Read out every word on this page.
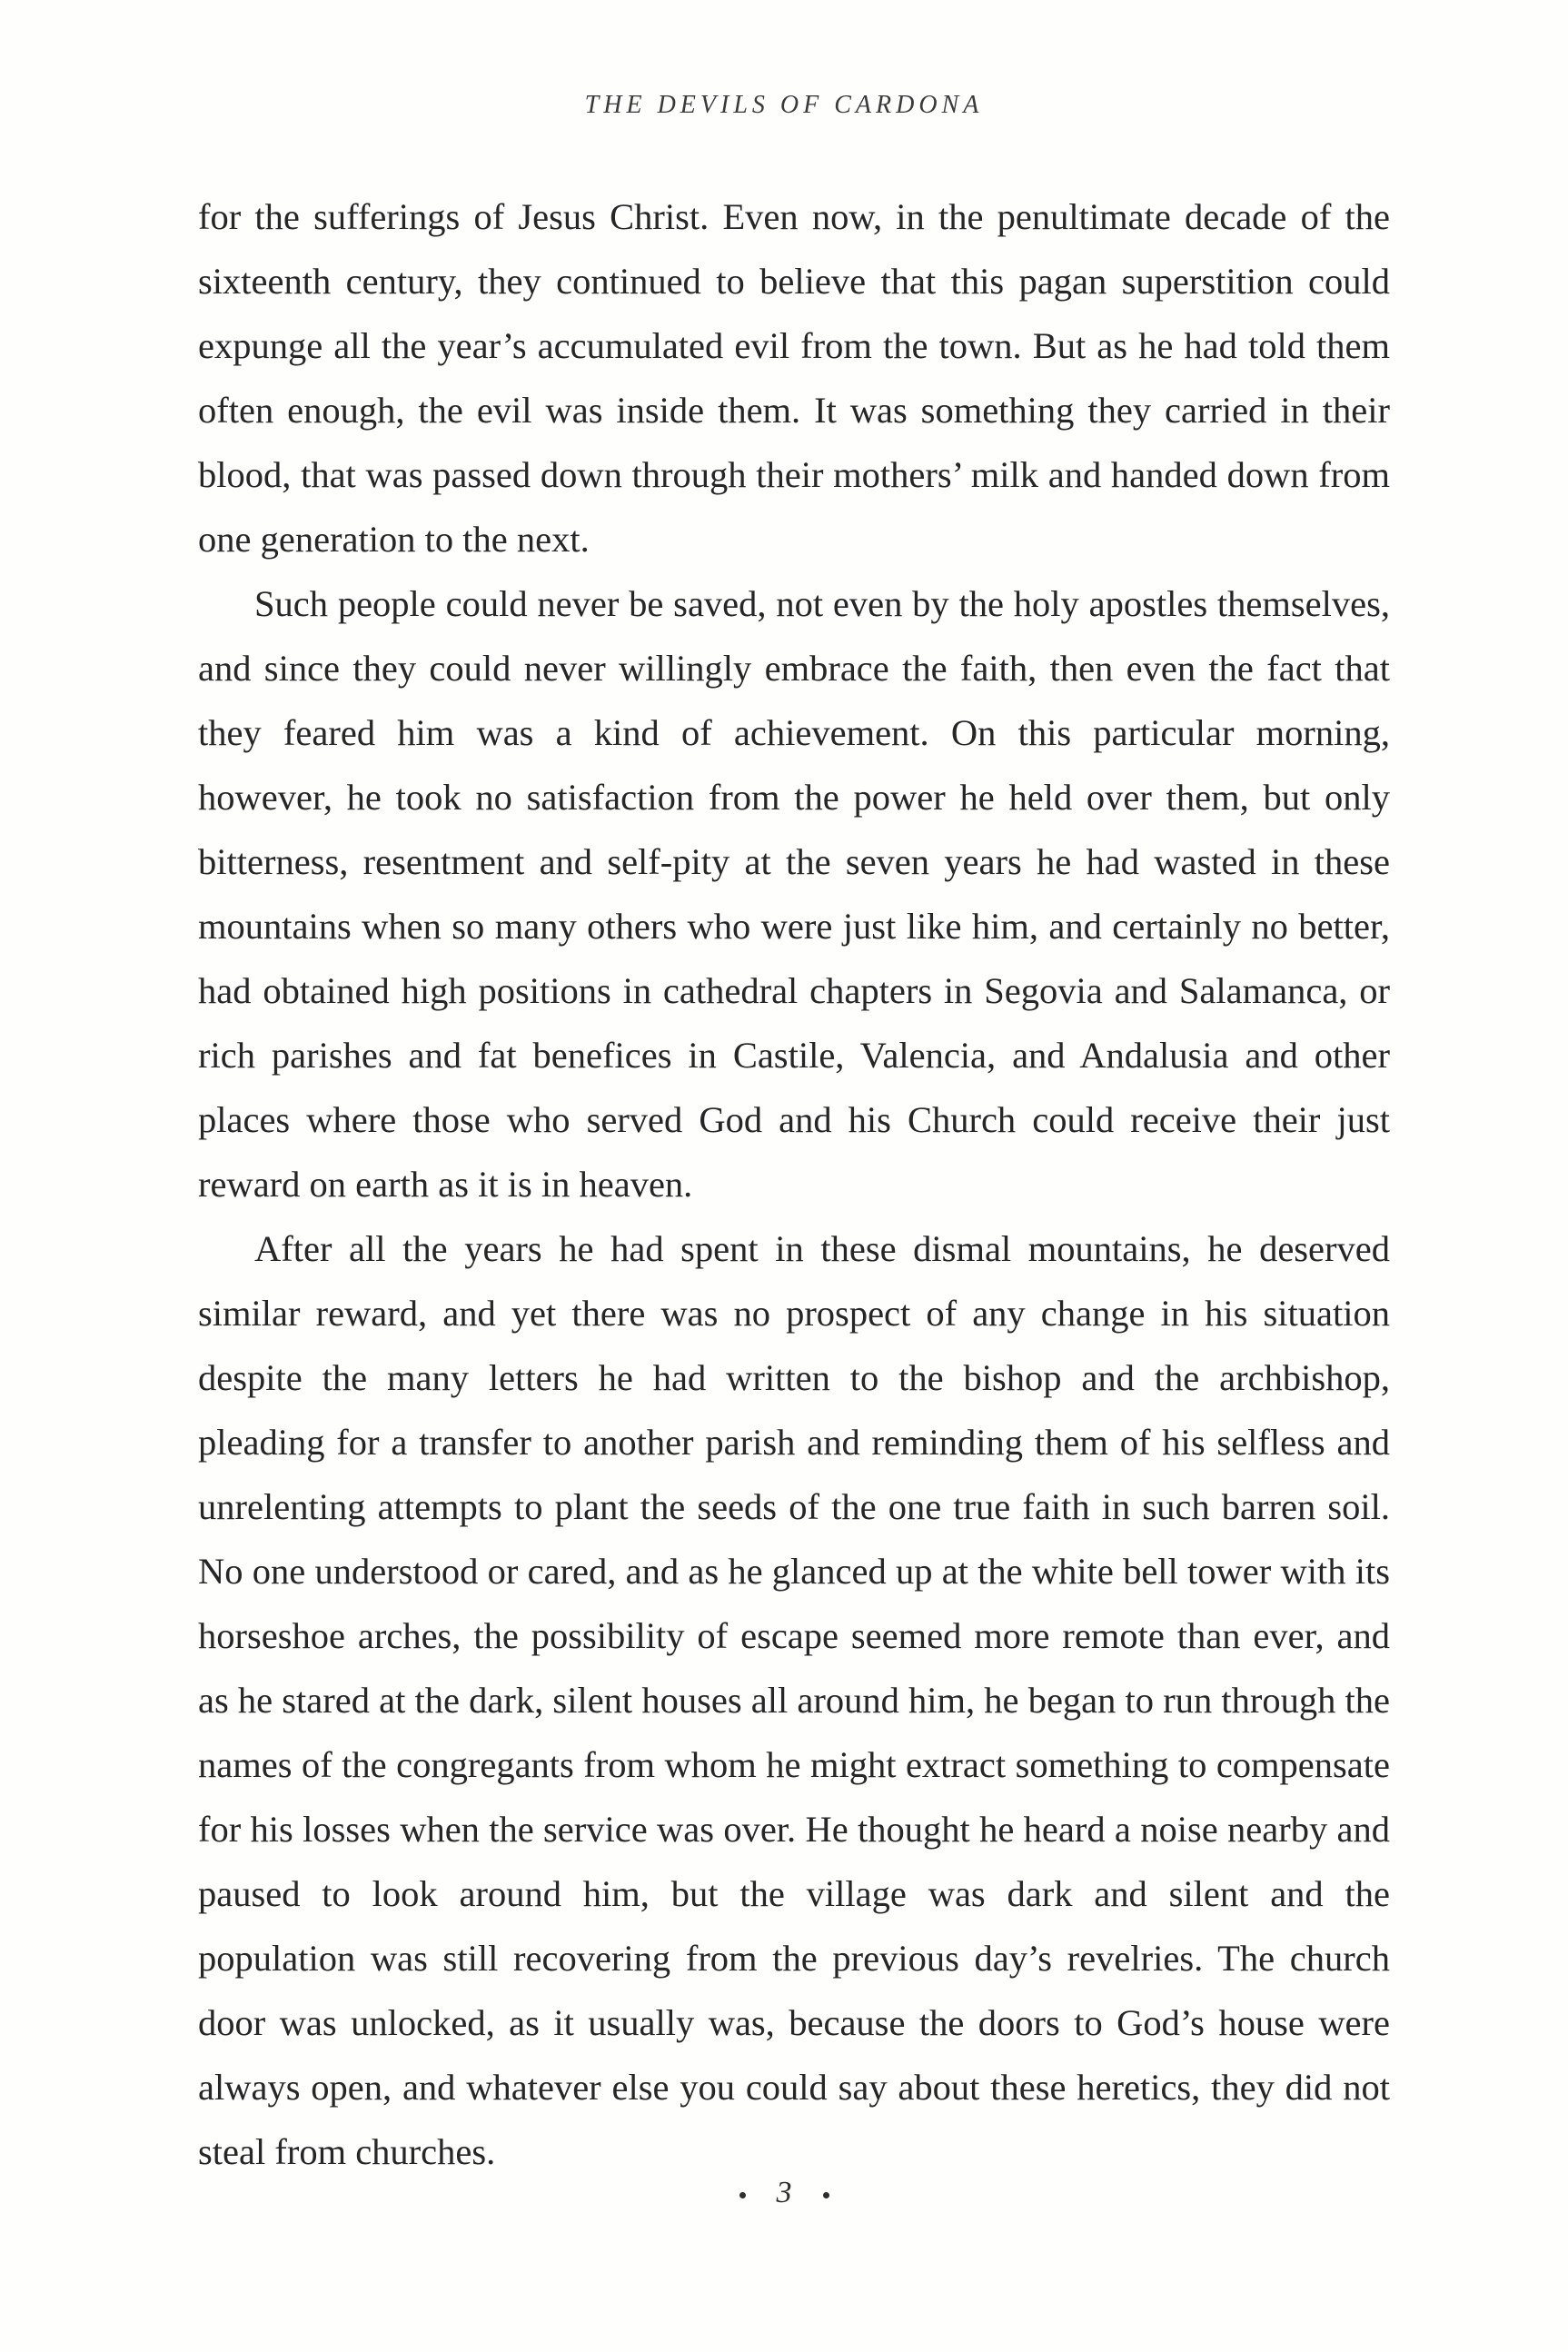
THE DEVILS OF CARDONA

for the sufferings of Jesus Christ. Even now, in the penultimate decade of the sixteenth century, they continued to believe that this pagan superstition could expunge all the year’s accumulated evil from the town. But as he had told them often enough, the evil was inside them. It was something they carried in their blood, that was passed down through their mothers’ milk and handed down from one generation to the next.

Such people could never be saved, not even by the holy apostles themselves, and since they could never willingly embrace the faith, then even the fact that they feared him was a kind of achievement. On this particular morning, however, he took no satisfaction from the power he held over them, but only bitterness, resentment and self-pity at the seven years he had wasted in these mountains when so many others who were just like him, and certainly no better, had obtained high positions in cathedral chapters in Segovia and Salamanca, or rich parishes and fat benefices in Castile, Valencia, and Andalusia and other places where those who served God and his Church could receive their just reward on earth as it is in heaven.

After all the years he had spent in these dismal mountains, he deserved similar reward, and yet there was no prospect of any change in his situation despite the many letters he had written to the bishop and the archbishop, pleading for a transfer to another parish and reminding them of his selfless and unrelenting attempts to plant the seeds of the one true faith in such barren soil. No one understood or cared, and as he glanced up at the white bell tower with its horseshoe arches, the possibility of escape seemed more remote than ever, and as he stared at the dark, silent houses all around him, he began to run through the names of the congregants from whom he might extract something to compensate for his losses when the service was over. He thought he heard a noise nearby and paused to look around him, but the village was dark and silent and the population was still recovering from the previous day’s revelries. The church door was unlocked, as it usually was, because the doors to God’s house were always open, and whatever else you could say about these heretics, they did not steal from churches.

3
